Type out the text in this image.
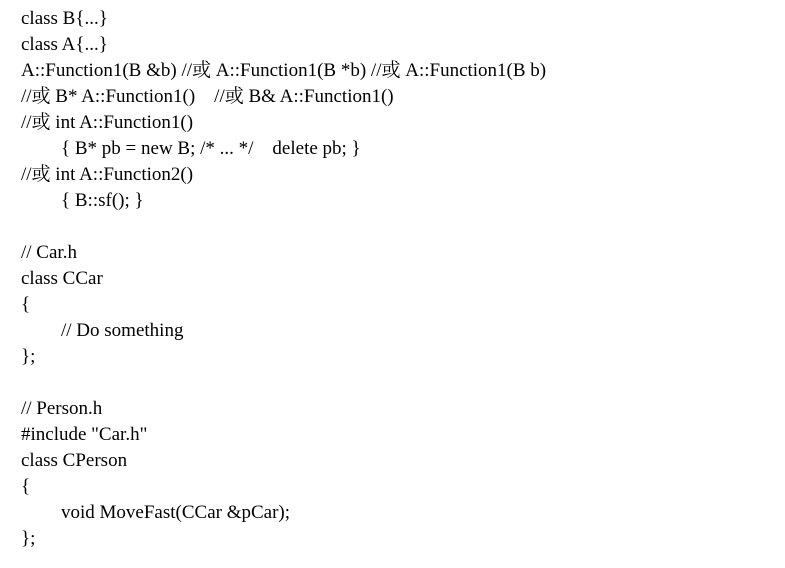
class B{...}
class A{...}
A::Function1(B &b) //或 A::Function1(B *b) //或 A::Function1(B b)
//或 B* A::Function1()    //或 B& A::Function1()
//或 int A::Function1()
{ B* pb = new B; /* ... */    delete pb; }
//或 int A::Function2()
{ B::sf(); }
// Car.h
class CCar
{
// Do something
};
// Person.h
#include "Car.h"
class CPerson
{
void MoveFast(CCar &pCar);
};
